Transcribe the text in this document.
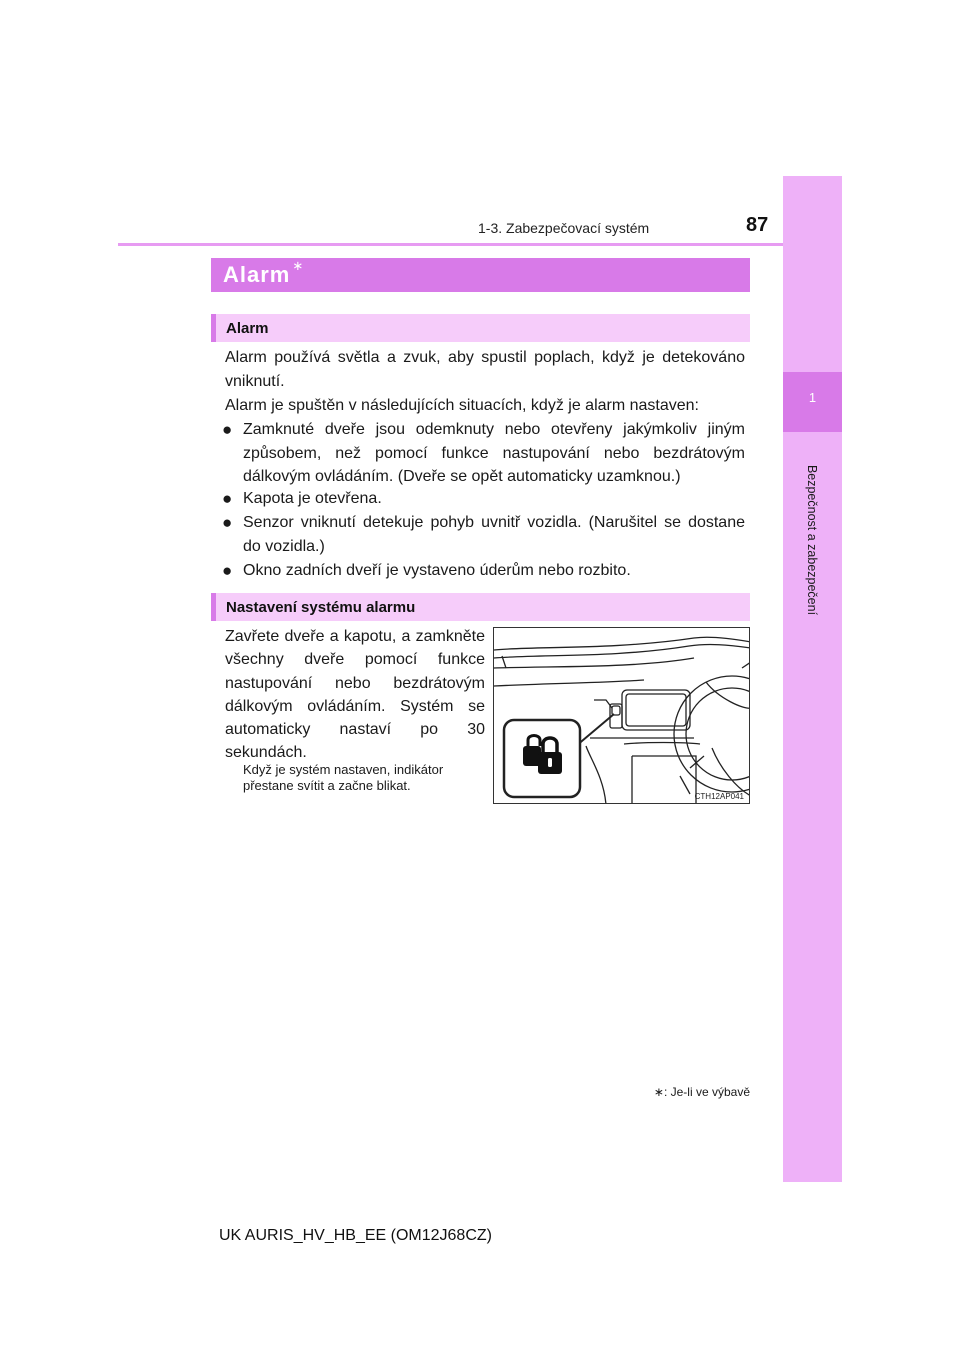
1-3. Zabezpečovací systém	87
1
Bezpečnost a zabezpečení
Alarm ∗
Alarm
Alarm používá světla a zvuk, aby spustil poplach, když je detekováno vniknutí.
Alarm je spuštěn v následujících situacích, když je alarm nastaven:
● Zamknuté dveře jsou odemknuty nebo otevřeny jakýmkoliv jiným způsobem, než pomocí funkce nastupování nebo bezdrátovým dálkovým ovládáním. (Dveře se opět automaticky uzamknou.)
● Kapota je otevřena.
● Senzor vniknutí detekuje pohyb uvnitř vozidla. (Narušitel se dostane do vozidla.)
● Okno zadních dveří je vystaveno úderům nebo rozbito.
Nastavení systému alarmu
Zavřete dveře a kapotu, a zamkněte všechny dveře pomocí funkce nastupování nebo bezdrátovým dálkovým ovládáním. Systém se automaticky nastaví po 30 sekundách.
Když je systém nastaven, indikátor přestane svítit a začne blikat.
CTH12AP041
∗: Je-li ve výbavě
UK AURIS_HV_HB_EE (OM12J68CZ)
